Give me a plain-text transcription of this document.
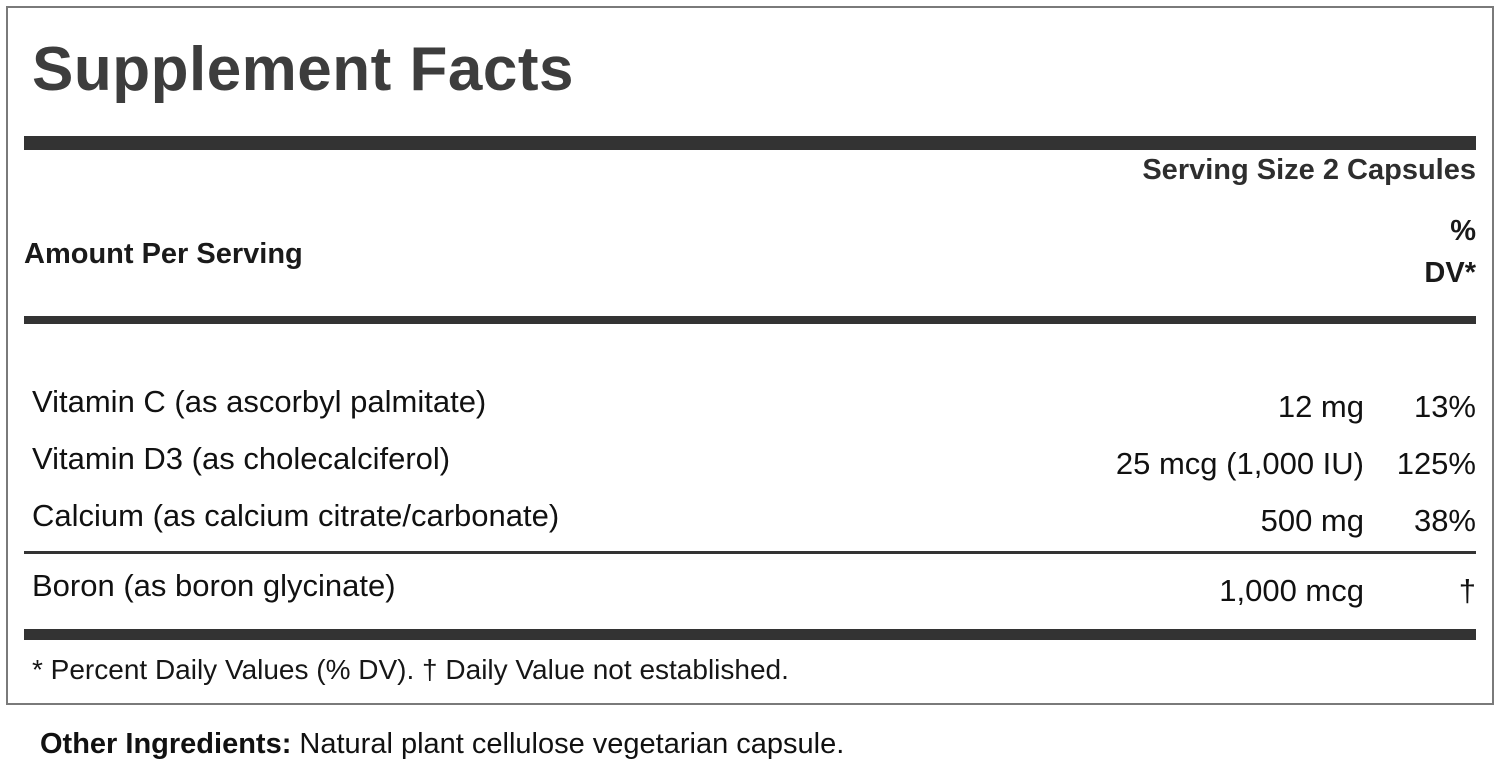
Supplement Facts
Serving Size 2 Capsules
Amount Per Serving
%
DV*
Vitamin C (as ascorbyl palmitate)	12 mg	13%
Vitamin D3 (as cholecalciferol)	25 mcg (1,000 IU)	125%
Calcium (as calcium citrate/carbonate)	500 mg	38%
Boron (as boron glycinate)	1,000 mcg	†
* Percent Daily Values (% DV). † Daily Value not established.
Other Ingredients: Natural plant cellulose vegetarian capsule.
